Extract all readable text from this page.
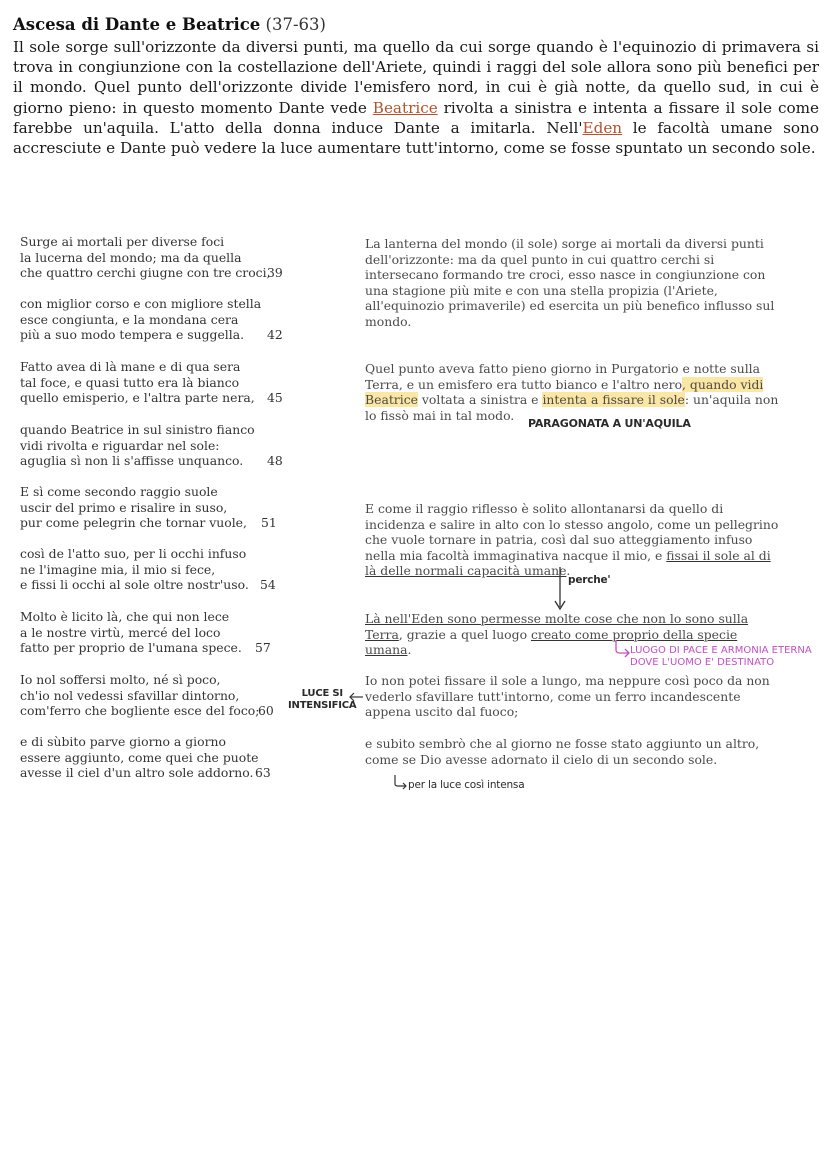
Ascesa di Dante e Beatrice (37-63)
Il sole sorge sull'orizzonte da diversi punti, ma quello da cui sorge quando è l'equinozio di primavera si trova in congiunzione con la costellazione dell'Ariete, quindi i raggi del sole allora sono più benefici per il mondo. Quel punto dell'orizzonte divide l'emisfero nord, in cui è già notte, da quello sud, in cui è giorno pieno: in questo momento Dante vede Beatrice rivolta a sinistra e intenta a fissare il sole come farebbe un'aquila. L'atto della donna induce Dante a imitarla. Nell'Eden le facoltà umane sono accresciute e Dante può vedere la luce aumentare tutt'intorno, come se fosse spuntato un secondo sole.
Surge ai mortali per diverse foci
la lucerna del mondo; ma da quella
che quattro cerchi giugne con tre croci,
39
con miglior corso e con migliore stella
esce congiunta, e la mondana cera
più a suo modo tempera e suggella.	42
Fatto avea di là mane e di qua sera
tal foce, e quasi tutto era là bianco
quello emisperio, e l'altra parte nera, 45
quando Beatrice in sul sinistro fianco
vidi rivolta e riguardar nel sole:
aguglia sì non li s'affisse unquanco.	48
E sì come secondo raggio suole
uscir del primo e risalire in suso,
pur come pelegrin che tornar vuole,	51
così de l'atto suo, per li occhi infuso
ne l'imagine mia, il mio si fece,
e fissi li occhi al sole oltre nostr'uso. 54
Molto è licito là, che qui non lece
a le nostre virtù, mercé del loco
fatto per proprio de l'umana spece.	57
Io nol soffersi molto, né sì poco,
ch'io nol vedessi sfavillar dintorno,
com'ferro che bogliente esce del foco;
60
e di sùbito parve giorno a giorno
essere aggiunto, come quei che puote
avesse il ciel d'un altro sole addorno. 63
La lanterna del mondo (il sole) sorge ai mortali da diversi punti dell'orizzonte: ma da quel punto in cui quattro cerchi si intersecano formando tre croci, esso nasce in congiunzione con una stagione più mite e con una stella propizia (l'Ariete, all'equinozio primaverile) ed esercita un più benefico influsso sul mondo.
Quel punto aveva fatto pieno giorno in Purgatorio e notte sulla Terra, e un emisfero era tutto bianco e l'altro nero, quando vidi Beatrice voltata a sinistra e intenta a fissare il sole: un'aquila non lo fissò mai in tal modo.
E come il raggio riflesso è solito allontanarsi da quello di incidenza e salire in alto con lo stesso angolo, come un pellegrino che vuole tornare in patria, così dal suo atteggiamento infuso nella mia facoltà immaginativa nacque il mio, e fissai il sole al di là delle normali capacità umane.
Là nell'Eden sono permesse molte cose che non lo sono sulla Terra, grazie a quel luogo creato come proprio della specie umana.
Io non potei fissare il sole a lungo, ma neppure così poco da non vederlo sfavillare tutt'intorno, come un ferro incandescente appena uscito dal fuoco;
e subito sembrò che al giorno ne fosse stato aggiunto un altro, come se Dio avesse adornato il cielo di un secondo sole.
PARAGONATA A UN'AQUILA
perche'
LUOGO DI PACE E ARMONIA ETERNA
DOVE L'UOMO E' DESTINATO
LUCE SI
INTENSIFICA
per la luce così intensa
